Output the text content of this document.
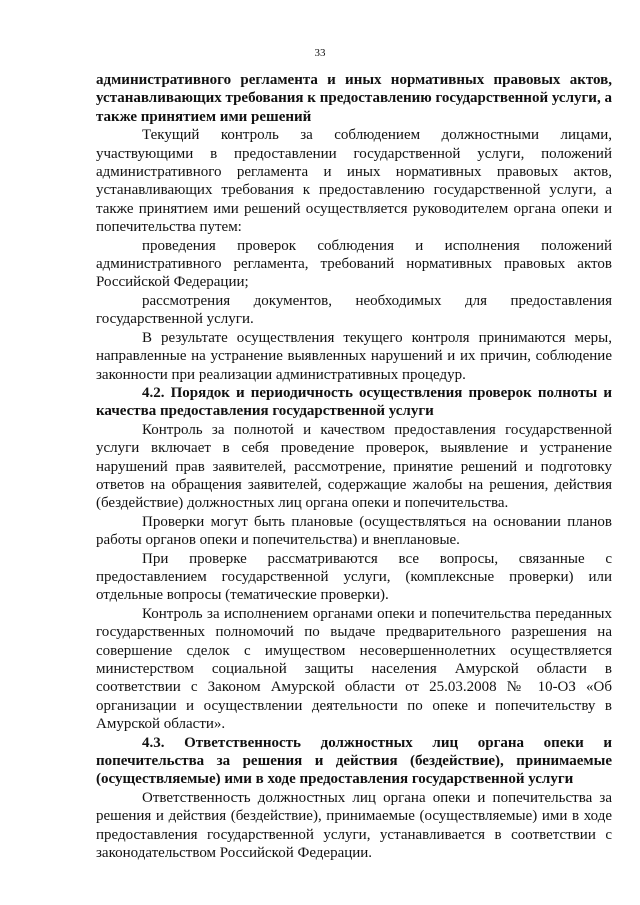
33

административного регламента и иных нормативных правовых актов, устанавливающих требования к предоставлению государственной услуги, а также принятием ими решений

Текущий контроль за соблюдением должностными лицами, участвующими в предоставлении государственной услуги, положений административного регламента и иных нормативных правовых актов, устанавливающих требования к предоставлению государственной услуги, а также принятием ими решений осуществляется руководителем органа опеки и попечительства путем:

проведения проверок соблюдения и исполнения положений административного регламента, требований нормативных правовых актов Российской Федерации;

рассмотрения документов, необходимых для предоставления государственной услуги.

В результате осуществления текущего контроля принимаются меры, направленные на устранение выявленных нарушений и их причин, соблюдение законности при реализации административных процедур.

4.2. Порядок и периодичность осуществления проверок полноты и качества предоставления государственной услуги

Контроль за полнотой и качеством предоставления государственной услуги включает в себя проведение проверок, выявление и устранение нарушений прав заявителей, рассмотрение, принятие решений и подготовку ответов на обращения заявителей, содержащие жалобы на решения, действия (бездействие) должностных лиц органа опеки и попечительства.

Проверки могут быть плановые (осуществляться на основании планов работы органов опеки и попечительства) и внеплановые.

При проверке рассматриваются все вопросы, связанные с предоставлением государственной услуги, (комплексные проверки) или отдельные вопросы (тематические проверки).

Контроль за исполнением органами опеки и попечительства переданных государственных полномочий по выдаче предварительного разрешения на совершение сделок с имуществом несовершеннолетних осуществляется министерством социальной защиты населения Амурской области в соответствии с Законом Амурской области от 25.03.2008 № 10-ОЗ «Об организации и осуществлении деятельности по опеке и попечительству в Амурской области».

4.3. Ответственность должностных лиц органа опеки и попечительства за решения и действия (бездействие), принимаемые (осуществляемые) ими в ходе предоставления государственной услуги

Ответственность должностных лиц органа опеки и попечительства за решения и действия (бездействие), принимаемые (осуществляемые) ими в ходе предоставления государственной услуги, устанавливается в соответствии с законодательством Российской Федерации.
